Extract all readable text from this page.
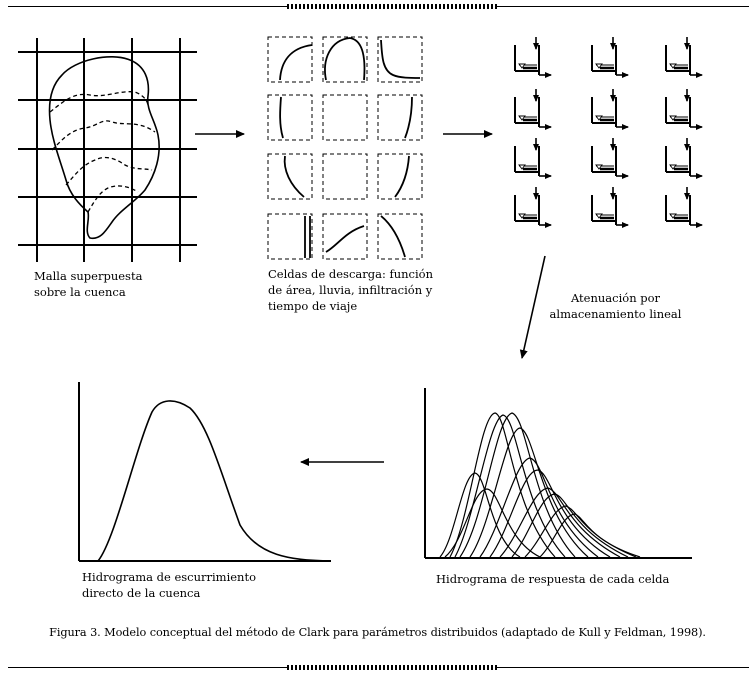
Malla superpuesta
sobre la cuenca
Celdas de descarga: función
de área, lluvia, infiltración y
tiempo de viaje
Atenuación por
almacenamiento lineal
Hidrograma de escurrimiento
directo de la cuenca
Hidrograma de respuesta de cada celda
Figura 3. Modelo conceptual del método de Clark para parámetros distribuidos (adaptado de Kull y Feldman, 1998).
